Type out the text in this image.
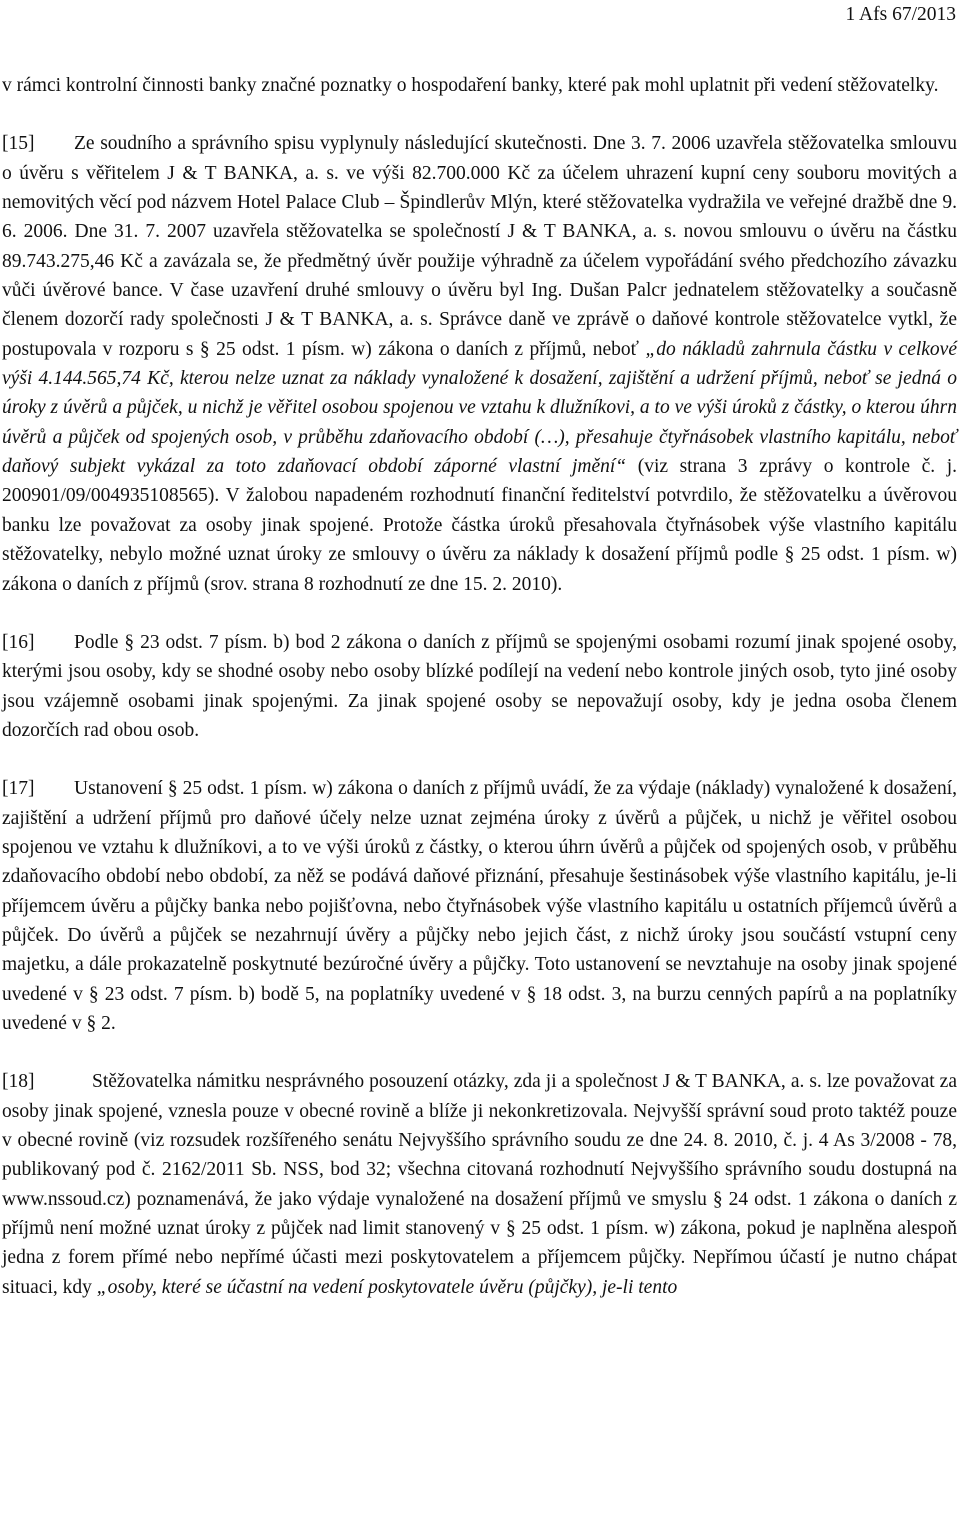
1 Afs 67/2013

v rámci kontrolní činnosti banky značné poznatky o hospodaření banky, které pak mohl uplatnit při vedení stěžovatelky.

[15] Ze soudního a správního spisu vyplynuly následující skutečnosti. Dne 3. 7. 2006 uzavřela stěžovatelka smlouvu o úvěru s věřitelem J & T BANKA, a. s. ve výši 82.700.000 Kč za účelem uhrazení kupní ceny souboru movitých a nemovitých věcí pod názvem Hotel Palace Club – Špindlerův Mlýn, které stěžovatelka vydražila ve veřejné dražbě dne 9. 6. 2006. Dne 31. 7. 2007 uzavřela stěžovatelka se společností J & T BANKA, a. s. novou smlouvu o úvěru na částku 89.743.275,46 Kč a zavázala se, že předmětný úvěr použije výhradně za účelem vypořádání svého předchozího závazku vůči úvěrové bance. V čase uzavření druhé smlouvy o úvěru byl Ing. Dušan Palcr jednatelem stěžovatelky a současně členem dozorčí rady společnosti J & T BANKA, a. s. Správce daně ve zprávě o daňové kontrole stěžovatelce vytkl, že postupovala v rozporu s § 25 odst. 1 písm. w) zákona o daních z příjmů, neboť „do nákladů zahrnula částku v celkové výši 4.144.565,74 Kč, kterou nelze uznat za náklady vynaložené k dosažení, zajištění a udržení příjmů, neboť se jedná o úroky z úvěrů a půjček, u nichž je věřitel osobou spojenou ve vztahu k dlužníkovi, a to ve výši úroků z částky, o kterou úhrn úvěrů a půjček od spojených osob, v průběhu zdaňovacího období (…), přesahuje čtyřnásobek vlastního kapitálu, neboť daňový subjekt vykázal za toto zdaňovací období záporné vlastní jmění“ (viz strana 3 zprávy o kontrole č. j. 200901/09/004935108565). V žalobou napadeném rozhodnutí finanční ředitelství potvrdilo, že stěžovatelku a úvěrovou banku lze považovat za osoby jinak spojené. Protože částka úroků přesahovala čtyřnásobek výše vlastního kapitálu stěžovatelky, nebylo možné uznat úroky ze smlouvy o úvěru za náklady k dosažení příjmů podle § 25 odst. 1 písm. w) zákona o daních z příjmů (srov. strana 8 rozhodnutí ze dne 15. 2. 2010).

[16] Podle § 23 odst. 7 písm. b) bod 2 zákona o daních z příjmů se spojenými osobami rozumí jinak spojené osoby, kterými jsou osoby, kdy se shodné osoby nebo osoby blízké podílejí na vedení nebo kontrole jiných osob, tyto jiné osoby jsou vzájemně osobami jinak spojenými. Za jinak spojené osoby se nepovažují osoby, kdy je jedna osoba členem dozorčích rad obou osob.

[17] Ustanovení § 25 odst. 1 písm. w) zákona o daních z příjmů uvádí, že za výdaje (náklady) vynaložené k dosažení, zajištění a udržení příjmů pro daňové účely nelze uznat zejména úroky z úvěrů a půjček, u nichž je věřitel osobou spojenou ve vztahu k dlužníkovi, a to ve výši úroků z částky, o kterou úhrn úvěrů a půjček od spojených osob, v průběhu zdaňovacího období nebo období, za něž se podává daňové přiznání, přesahuje šestinásobek výše vlastního kapitálu, je-li příjemcem úvěru a půjčky banka nebo pojišťovna, nebo čtyřnásobek výše vlastního kapitálu u ostatních příjemců úvěrů a půjček. Do úvěrů a půjček se nezahrnují úvěry a půjčky nebo jejich část, z nichž úroky jsou součástí vstupní ceny majetku, a dále prokazatelně poskytnuté bezúročné úvěry a půjčky. Toto ustanovení se nevztahuje na osoby jinak spojené uvedené v § 23 odst. 7 písm. b) bodě 5, na poplatníky uvedené v § 18 odst. 3, na burzu cenných papírů a na poplatníky uvedené v § 2.

[18]	Stěžovatelka námitku nesprávného posouzení otázky, zda ji a společnost J & T BANKA, a. s. lze považovat za osoby jinak spojené, vznesla pouze v obecné rovině a blíže ji nekonkretizovala. Nejvyšší správní soud proto taktéž pouze v obecné rovině (viz rozsudek rozšířeného senátu Nejvyššího správního soudu ze dne 24. 8. 2010, č. j. 4 As 3/2008 - 78, publikovaný pod č. 2162/2011 Sb. NSS, bod 32; všechna citovaná rozhodnutí Nejvyššího správního soudu dostupná na www.nssoud.cz) poznamenává, že jako výdaje vynaložené na dosažení příjmů ve smyslu § 24 odst. 1 zákona o daních z příjmů není možné uznat úroky z půjček nad limit stanovený v § 25 odst. 1 písm. w) zákona, pokud je naplněna alespoň jedna z forem přímé nebo nepřímé účasti mezi poskytovatelem a příjemcem půjčky. Nepřímou účastí je nutno chápat situaci, kdy „osoby, které se účastní na vedení poskytovatele úvěru (půjčky), je-li tento
